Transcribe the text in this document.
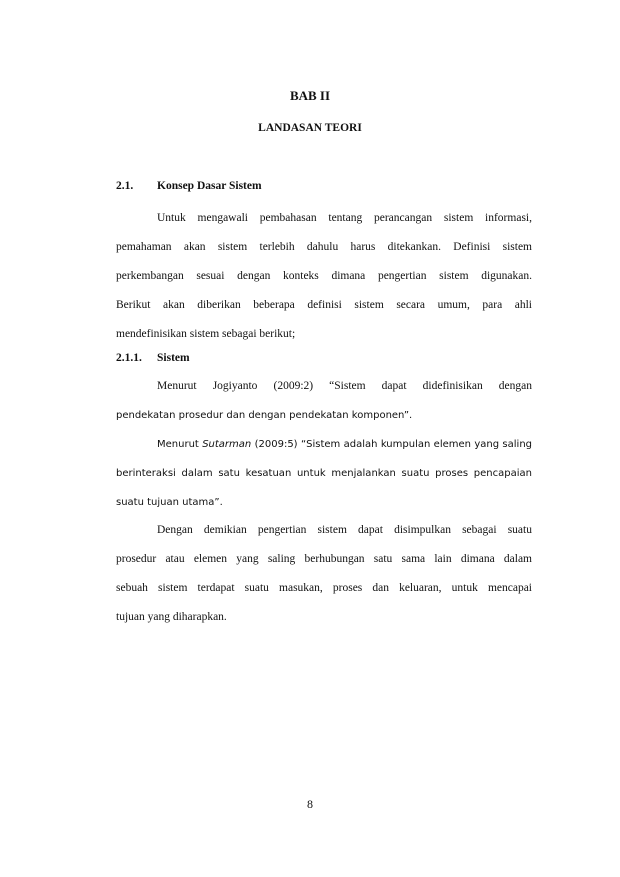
BAB II
LANDASAN TEORI
2.1. Konsep Dasar Sistem
Untuk mengawali pembahasan tentang perancangan sistem informasi,
pemahaman akan sistem terlebih dahulu harus ditekankan. Definisi sistem
perkembangan sesuai dengan konteks dimana pengertian sistem digunakan.
Berikut akan diberikan beberapa definisi sistem secara umum, para ahli
mendefinisikan sistem sebagai berikut;
2.1.1. Sistem
Menurut Jogiyanto (2009:2) “Sistem dapat didefinisikan dengan
pendekatan prosedur dan dengan pendekatan komponen”.
Menurut Sutarman (2009:5) “Sistem adalah kumpulan elemen yang saling
berinteraksi dalam satu kesatuan untuk menjalankan suatu proses pencapaian
suatu tujuan utama”.
Dengan demikian pengertian sistem dapat disimpulkan sebagai suatu
prosedur atau elemen yang saling berhubungan satu sama lain dimana dalam
sebuah sistem terdapat suatu masukan, proses dan keluaran, untuk mencapai
tujuan yang diharapkan.
8
